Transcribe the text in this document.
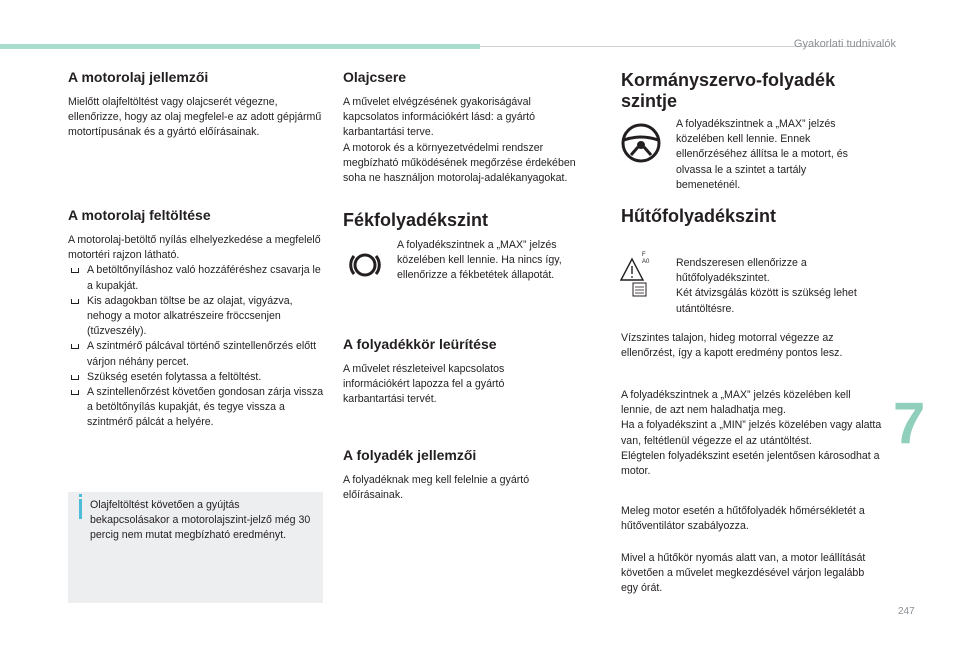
Gyakorlati tudnivalók
7
247
A motorolaj jellemzői

Mielőtt olajfeltöltést vagy olajcserét végezne, ellenőrizze, hogy az olaj megfelel-e az adott gépjármű motortípusának és a gyártó előírásainak.

A motorolaj feltöltése
A motorolaj-betöltő nyílás elhelyezkedése a megfelelő motortéri rajzon látható.
A betöltőnyíláshoz való hozzáféréshez csavarja le a kupakját.
Kis adagokban töltse be az olajat, vigyázva, nehogy a motor alkatrészeire fröccsenjen (tűzveszély).
A szintmérő pálcával történő szintellenőrzés előtt várjon néhány percet.
Szükség esetén folytassa a feltöltést.
A szintellenőrzést követően gondosan zárja vissza a betöltőnyílás kupakját, és tegye vissza a szintmérő pálcát a helyére.

Olajfeltöltést követően a gyújtás bekapcsolásakor a motorolajszint-jelző még 30 percig nem mutat megbízható eredményt.

Olajcsere

A művelet elvégzésének gyakoriságával kapcsolatos információkért lásd: a gyártó karbantartási terve.
A motorok és a környezetvédelmi rendszer megbízható működésének megőrzése érdekében soha ne használjon motorolaj-adalékanyagokat.

Fékfolyadékszint

A folyadékszintnek a „MAX” jelzés közelében kell lennie. Ha nincs így, ellenőrizze a fékbetétek állapotát.

A folyadékkör leürítése

A művelet részleteivel kapcsolatos információkért lapozza fel a gyártó karbantartási tervét.

A folyadék jellemzői

A folyadéknak meg kell felelnie a gyártó előírásainak.

Kormányszervo-folyadék szintje

A folyadékszintnek a „MAX” jelzés közelében kell lennie. Ennek ellenőrzéséhez állítsa le a motort, és olvassa le a szintet a tartály bemeneténél.

Hűtőfolyadékszint
F
A0	Rendszeresen ellenőrizze a hűtőfolyadékszintet.
Két átvizsgálás között is szükség lehet utántöltésre.

Vízszintes talajon, hideg motorral végezze az ellenőrzést, így a kapott eredmény pontos lesz.

A folyadékszintnek a „MAX” jelzés közelében kell lennie, de azt nem haladhatja meg.
Ha a folyadékszint a „MIN” jelzés közelében vagy alatta van, feltétlenül végezze el az utántöltést.
Elégtelen folyadékszint esetén jelentősen károsodhat a motor.

Meleg motor esetén a hűtőfolyadék hőmérsékletét a hűtőventilátor szabályozza.

Mivel a hűtőkör nyomás alatt van, a motor leállítását követően a művelet megkezdésével várjon legalább egy órát.
